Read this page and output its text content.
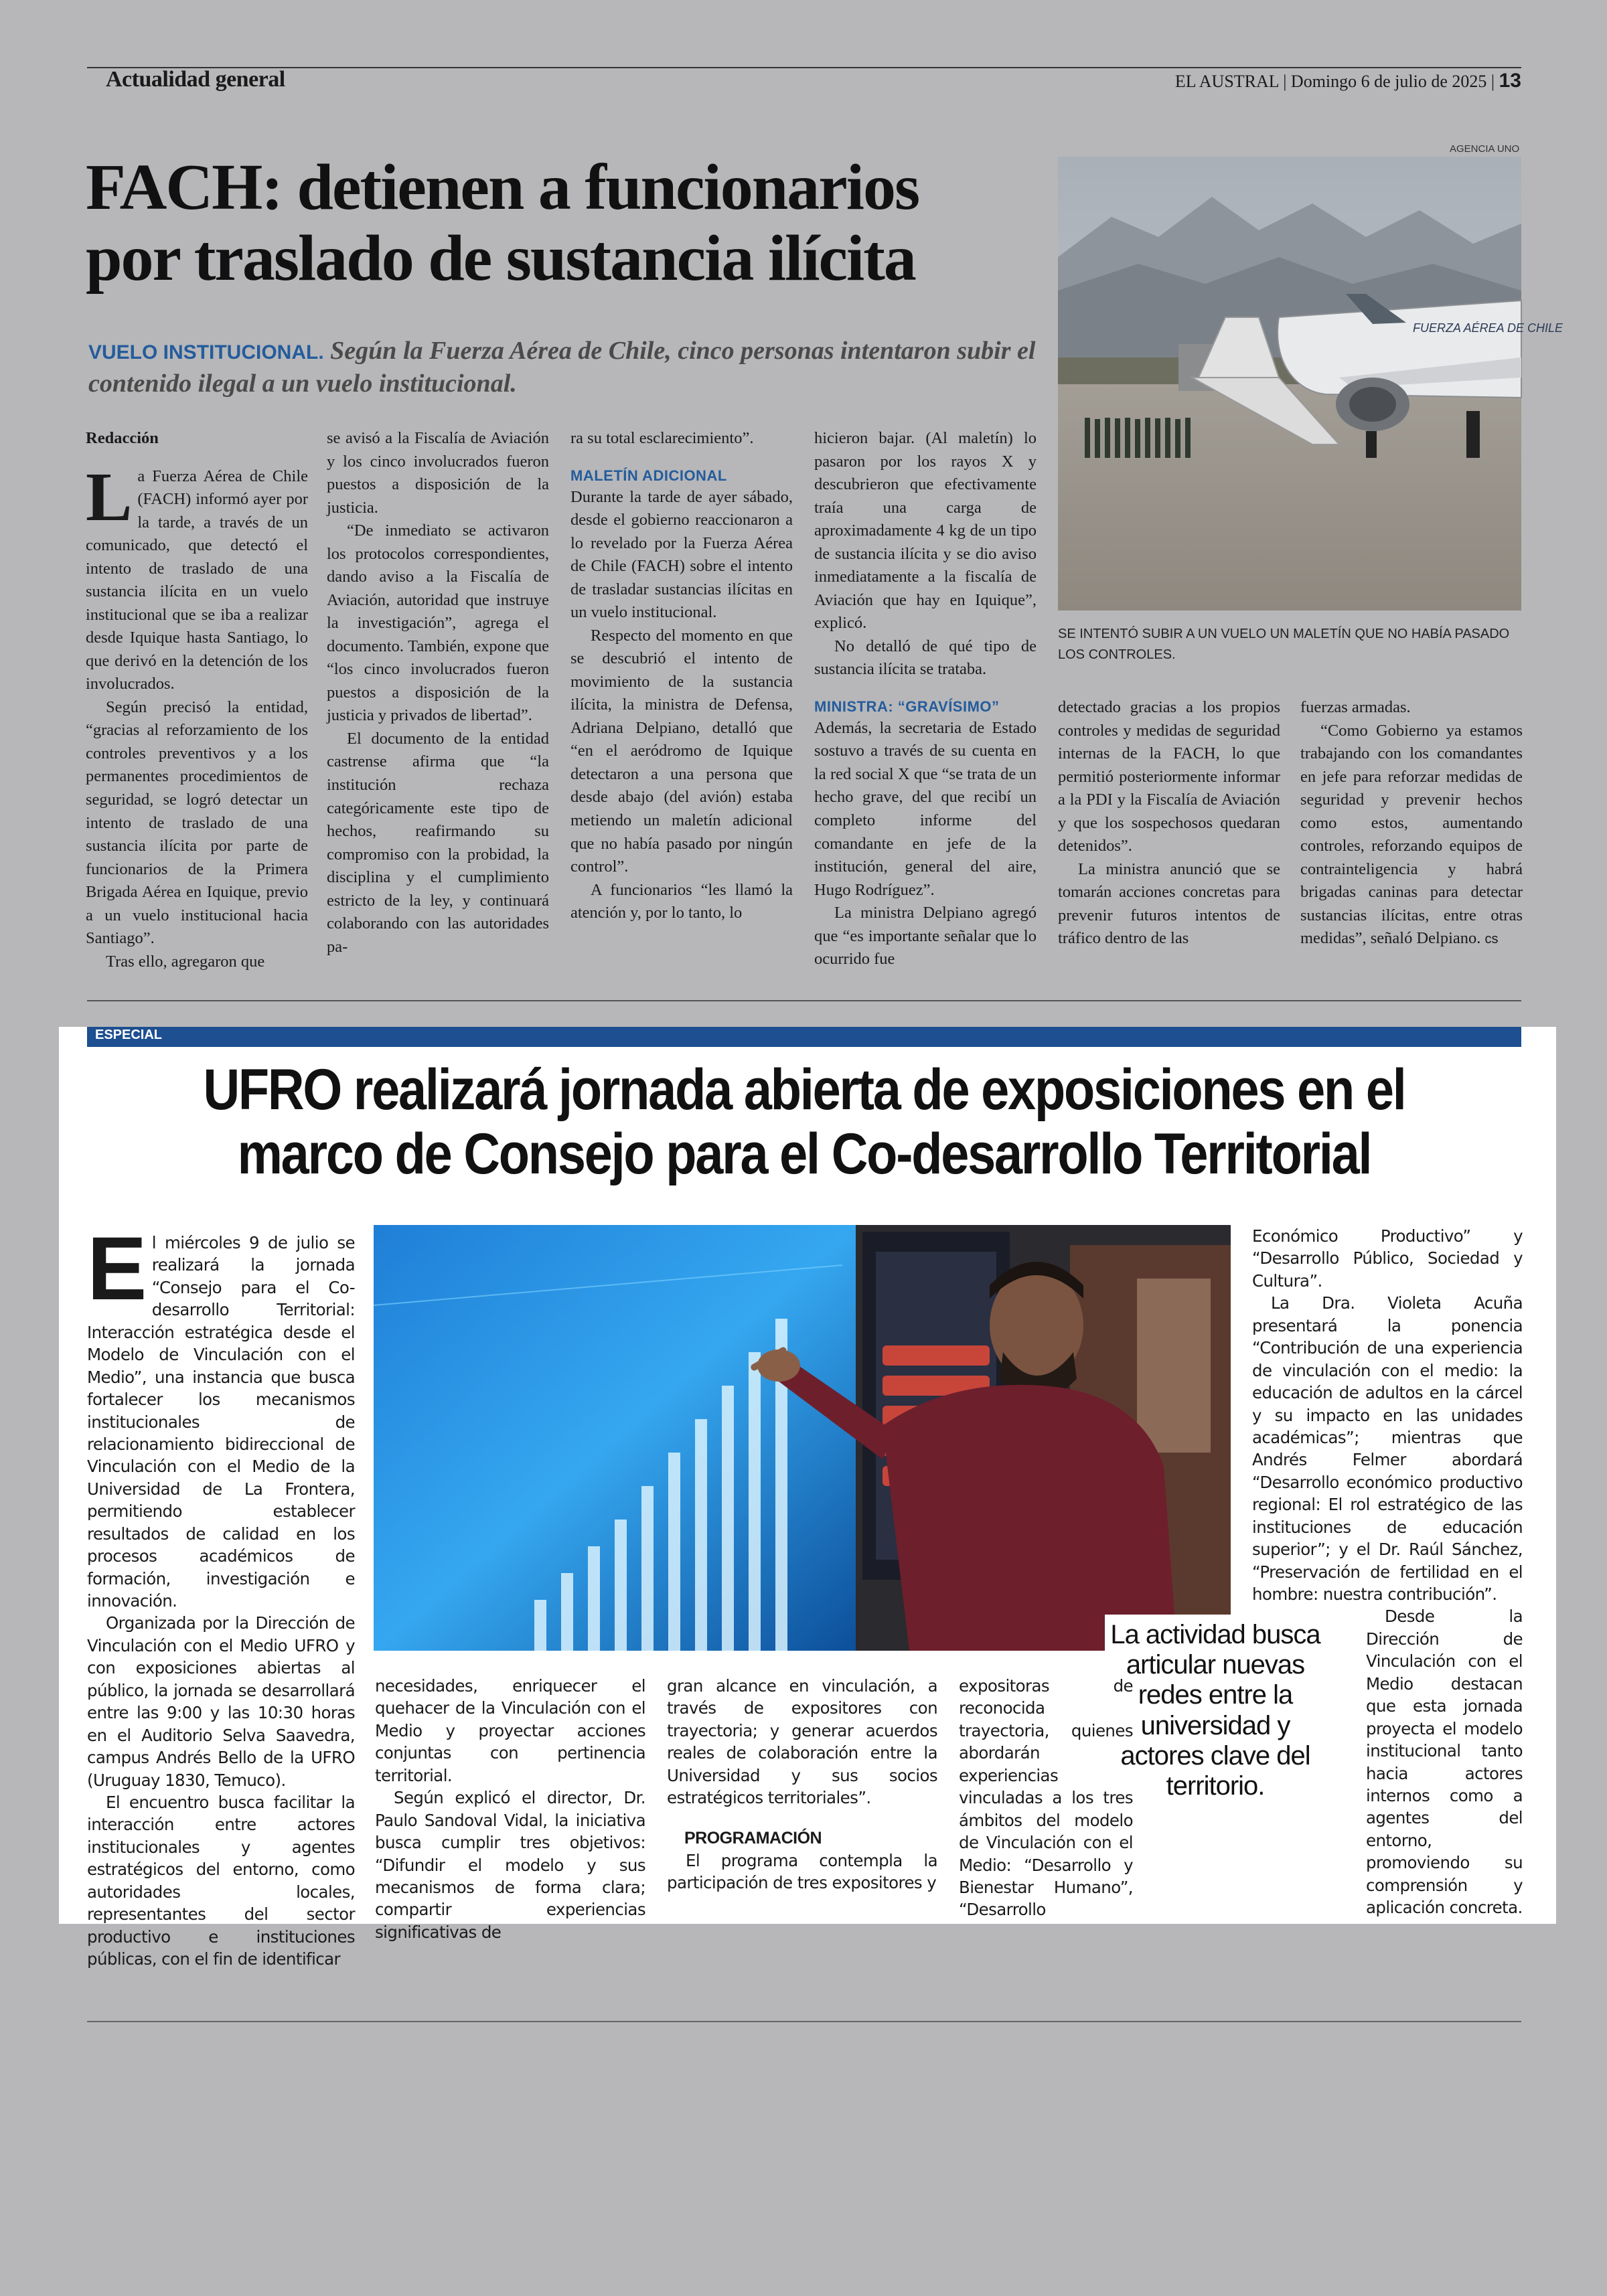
Actualidad general	EL AUSTRAL | Domingo 6 de julio de 2025 | 13
FACH: detienen a funcionarios
por traslado de sustancia ilícita
VUELO INSTITUCIONAL. Según la Fuerza Aérea de Chile, cinco personas intentaron subir el contenido ilegal a un vuelo institucional.
AGENCIA UNO
FUERZA AÉREA DE CHILE
SE INTENTÓ SUBIR A UN VUELO UN MALETÍN QUE NO HABÍA PASADO LOS CONTROLES.

Redacción

La Fuerza Aérea de Chile (FACH) informó ayer por la tarde, a través de un comunicado, que detectó el intento de traslado de una sustancia ilícita en un vuelo institucional que se iba a realizar desde Iquique hasta Santiago, lo que derivó en la detención de los involucrados.

Según precisó la entidad, “gracias al reforzamiento de los controles preventivos y a los permanentes procedimientos de seguridad, se logró detectar un intento de traslado de una sustancia ilícita por parte de funcionarios de la Primera Brigada Aérea en Iquique, previo a un vuelo institucional hacia Santiago”.

Tras ello, agregaron que

se avisó a la Fiscalía de Aviación y los cinco involucrados fueron puestos a disposición de la justicia.

“De inmediato se activaron los protocolos correspondientes, dando aviso a la Fiscalía de Aviación, autoridad que instruye la investigación”, agrega el documento. También, expone que “los cinco involucrados fueron puestos a disposición de la justicia y privados de libertad”.

El documento de la entidad castrense afirma que “la institución rechaza categóricamente este tipo de hechos, reafirmando su compromiso con la probidad, la disciplina y el cumplimiento estricto de la ley, y continuará colaborando con las autoridades pa-

ra su total esclarecimiento”.

MALETÍN ADICIONAL

Durante la tarde de ayer sábado, desde el gobierno reaccionaron a lo revelado por la Fuerza Aérea de Chile (FACH) sobre el intento de trasladar sustancias ilícitas en un vuelo institucional.

Respecto del momento en que se descubrió el intento de movimiento de la sustancia ilícita, la ministra de Defensa, Adriana Delpiano, detalló que “en el aeródromo de Iquique detectaron a una persona que desde abajo (del avión) estaba metiendo un maletín adicional que no había pasado por ningún control”.

A funcionarios “les llamó la atención y, por lo tanto, lo

hicieron bajar. (Al maletín) lo pasaron por los rayos X y descubrieron que efectivamente traía una carga de aproximadamente 4 kg de un tipo de sustancia ilícita y se dio aviso inmediatamente a la fiscalía de Aviación que hay en Iquique”, explicó.

No detalló de qué tipo de sustancia ilícita se trataba.

MINISTRA: “GRAVÍSIMO”

Además, la secretaria de Estado sostuvo a través de su cuenta en la red social X que “se trata de un hecho grave, del que recibí un completo informe del comandante en jefe de la institución, general del aire, Hugo Rodríguez”.

La ministra Delpiano agregó que “es importante señalar que lo ocurrido fue

detectado gracias a los propios controles y medidas de seguridad internas de la FACH, lo que permitió posteriormente informar a la PDI y la Fiscalía de Aviación y que los sospechosos quedaran detenidos”.

La ministra anunció que se tomarán acciones concretas para prevenir futuros intentos de tráfico dentro de las

fuerzas armadas.

“Como Gobierno ya estamos trabajando con los comandantes en jefe para reforzar medidas de seguridad y prevenir hechos como estos, aumentando controles, reforzando equipos de contrainteligencia y habrá brigadas caninas para detectar sustancias ilícitas, entre otras medidas”, señaló Delpiano. cs

ESPECIAL
UFRO realizará jornada abierta de exposiciones en el
marco de Consejo para el Co-desarrollo Territorial
La actividad busca articular nuevas redes entre la universidad y actores clave del territorio.

El miércoles 9 de julio se realizará la jornada “Consejo para el Co-desarrollo Territorial: Interacción estratégica desde el Modelo de Vinculación con el Medio”, una instancia que busca fortalecer los mecanismos institucionales de relacionamiento bidireccional de Vinculación con el Medio de la Universidad de La Frontera, permitiendo establecer resultados de calidad en los procesos académicos de formación, investigación e innovación.

Organizada por la Dirección de Vinculación con el Medio UFRO y con exposiciones abiertas al público, la jornada se desarrollará entre las 9:00 y las 10:30 horas en el Auditorio Selva Saavedra, campus Andrés Bello de la UFRO (Uruguay 1830, Temuco).

El encuentro busca facilitar la interacción entre actores institucionales y agentes estratégicos del entorno, como autoridades locales, representantes del sector productivo e instituciones públicas, con el fin de identificar

necesidades, enriquecer el quehacer de la Vinculación con el Medio y proyectar acciones conjuntas con pertinencia territorial.

Según explicó el director, Dr. Paulo Sandoval Vidal, la iniciativa busca cumplir tres objetivos: “Difundir el modelo y sus mecanismos de forma clara; compartir experiencias significativas de

gran alcance en vinculación, a través de expositores con trayectoria; y generar acuerdos reales de colaboración entre la Universidad y sus socios estratégicos territoriales”.

PROGRAMACIÓN

El programa contempla la participación de tres expositores y

expositoras de reconocida trayectoria, quienes abordarán experiencias vinculadas a los tres ámbitos del modelo de Vinculación con el Medio: “Desarrollo y Bienestar Humano”, “Desarrollo

Económico Productivo” y “Desarrollo Público, Sociedad y Cultura”.

La Dra. Violeta Acuña presentará la ponencia “Contribución de una experiencia de vinculación con el medio: la educación de adultos en la cárcel y su impacto en las unidades académicas”; mientras que Andrés Felmer abordará “Desarrollo económico productivo regional: El rol estratégico de las instituciones de educación superior”; y el Dr. Raúl Sánchez, “Preservación de fertilidad en el hombre: nuestra contribución”.

Desde la Dirección de Vinculación con el Medio destacan que esta jornada proyecta el modelo institucional tanto hacia actores internos como a agentes del entorno, promoviendo su comprensión y aplicación concreta.
